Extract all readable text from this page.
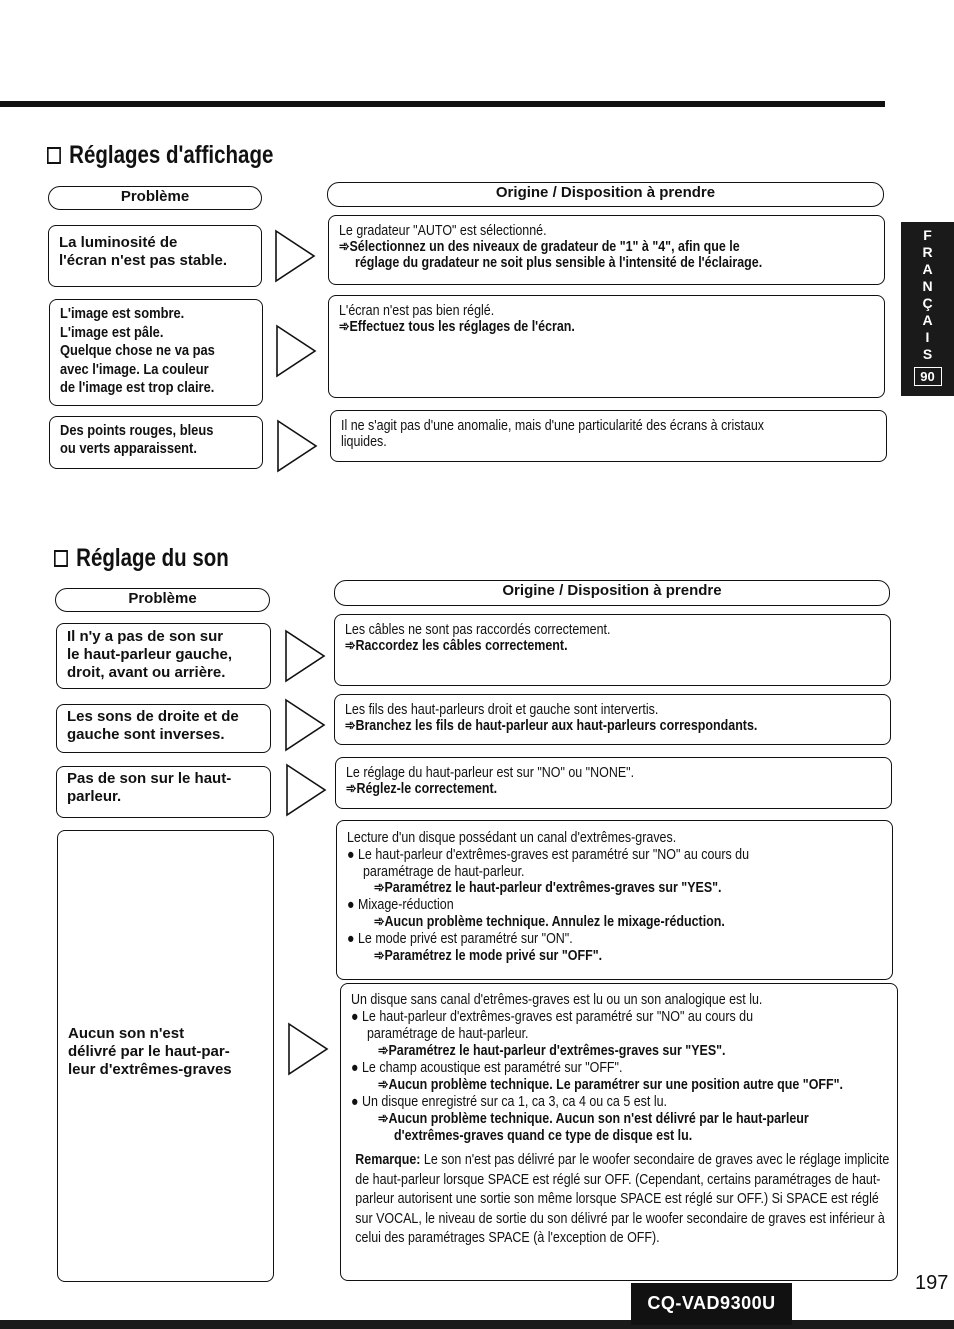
Réglages d'affichage
Problème	Origine / Disposition à prendre
La luminosité de
l'écran n'est pas stable.
Le gradateur "AUTO" est sélectionné.
➾Sélectionnez un des niveaux de gradateur de "1" à "4", afin que le
réglage du gradateur ne soit plus sensible à l'intensité de l'éclairage.
L'image est sombre.
L'image est pâle.
Quelque chose ne va pas
avec l'image. La couleur
de l'image est trop claire.
L'écran n'est pas bien réglé.
➾Effectuez tous les réglages de l'écran.
Des points rouges, bleus
ou verts apparaissent.
Il ne s'agit pas d'une anomalie, mais d'une particularité des écrans à cristaux
liquides.
Réglage du son
Problème	Origine / Disposition à prendre
Il n'y a pas de son sur
le haut-parleur gauche,
droit, avant ou arrière.
Les câbles ne sont pas raccordés correctement.
➾Raccordez les câbles correctement.
Les sons de droite et de
gauche sont inverses.
Les fils des haut-parleurs droit et gauche sont intervertis.
➾Branchez les fils de haut-parleur aux haut-parleurs correspondants.
Pas de son sur le haut-
parleur.
Le réglage du haut-parleur est sur "NO" ou "NONE".
➾Réglez-le correctement.
Aucun son n'est
délivré par le haut-par-
leur d'extrêmes-graves
Lecture d'un disque possédant un canal d'extrêmes-graves.
● Le haut-parleur d'extrêmes-graves est paramétré sur "NO" au cours du
paramétrage de haut-parleur.
➾Paramétrez le haut-parleur d'extrêmes-graves sur "YES".
● Mixage-réduction
➾Aucun problème technique. Annulez le mixage-réduction.
● Le mode privé est paramétré sur "ON".
➾Paramétrez le mode privé sur "OFF".
Un disque sans canal d'etrêmes-graves est lu ou un son analogique est lu.
● Le haut-parleur d'extrêmes-graves est paramétré sur "NO" au cours du
paramétrage de haut-parleur.
➾Paramétrez le haut-parleur d'extrêmes-graves sur "YES".
● Le champ acoustique est paramétré sur "OFF".
➾Aucun problème technique. Le paramétrer sur une position autre que "OFF".
● Un disque enregistré sur ca 1, ca 3, ca 4 ou ca 5 est lu.
➾Aucun problème technique. Aucun son n'est délivré par le haut-parleur
d'extrêmes-graves quand ce type de disque est lu.
Remarque: Le son n'est pas délivré par le woofer secondaire de graves avec le réglage implicite de haut-parleur lorsque SPACE est réglé sur OFF. (Cependant, certains paramétrages de haut-parleur autorisent une sortie son même lorsque SPACE est réglé sur OFF.) Si SPACE est réglé sur VOCAL, le niveau de sortie du son délivré par le woofer secondaire de graves est inférieur à celui des paramétrages SPACE (à l'exception de OFF).
F
R
A
N
Ç
A
I
S
90
197
CQ-VAD9300U
